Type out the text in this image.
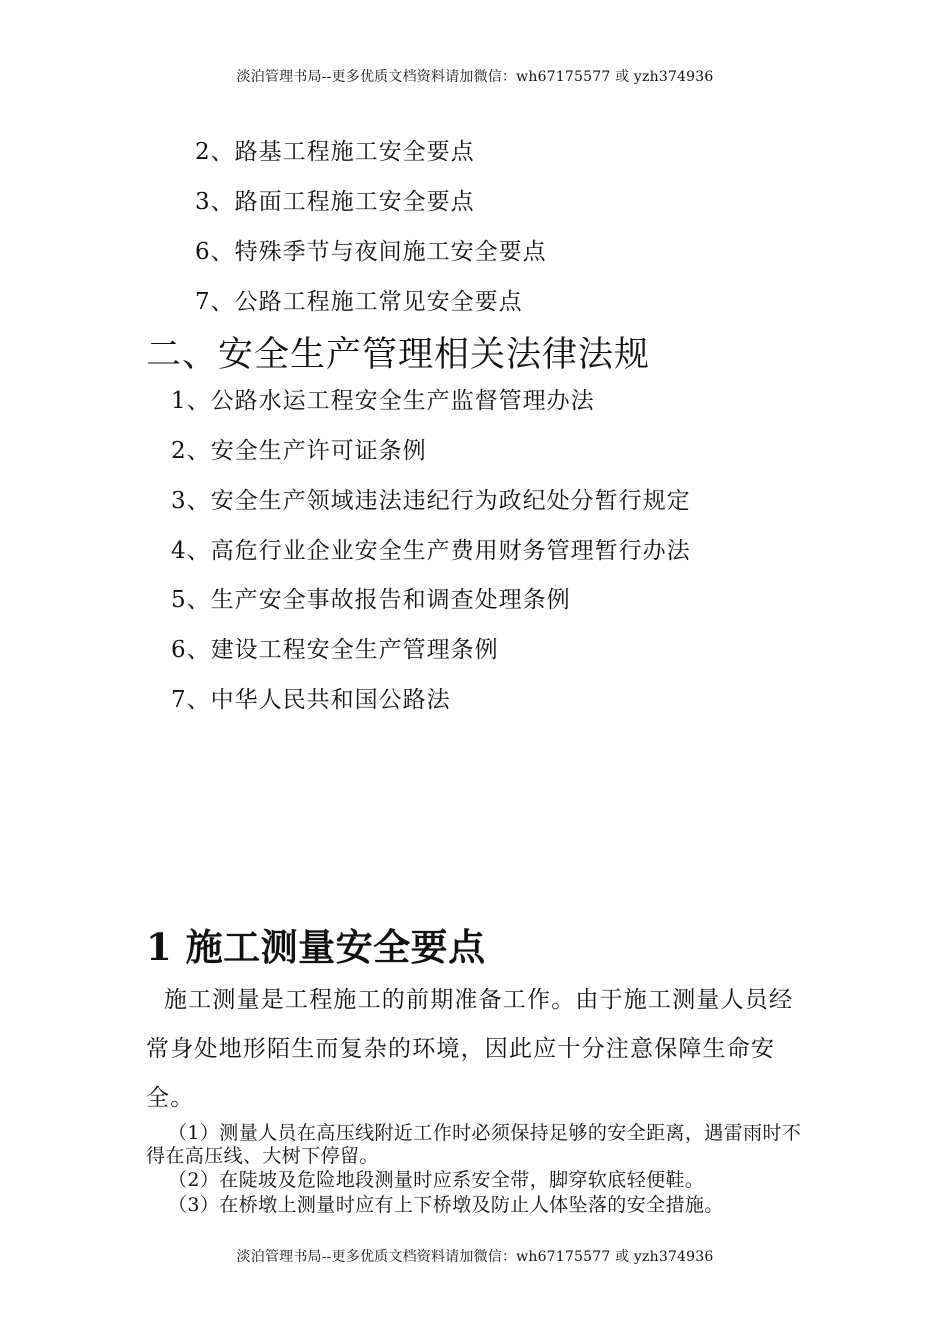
淡泊管理书局--更多优质文档资料请加微信：wh67175577 或 yzh374936
2、路基工程施工安全要点
3、路面工程施工安全要点
6、特殊季节与夜间施工安全要点
7、公路工程施工常见安全要点
二、安全生产管理相关法律法规
1、公路水运工程安全生产监督管理办法
2、安全生产许可证条例
3、安全生产领域违法违纪行为政纪处分暂行规定
4、高危行业企业安全生产费用财务管理暂行办法
5、生产安全事故报告和调查处理条例
6、建设工程安全生产管理条例
7、中华人民共和国公路法
1 施工测量安全要点
施工测量是工程施工的前期准备工作。由于施工测量人员经常身处地形陌生而复杂的环境，因此应十分注意保障生命安全。
（1）测量人员在高压线附近工作时必须保持足够的安全距离，遇雷雨时不得在高压线、大树下停留。
（2）在陡坡及危险地段测量时应系安全带，脚穿软底轻便鞋。
（3）在桥墩上测量时应有上下桥墩及防止人体坠落的安全措施。
淡泊管理书局--更多优质文档资料请加微信：wh67175577 或 yzh374936
